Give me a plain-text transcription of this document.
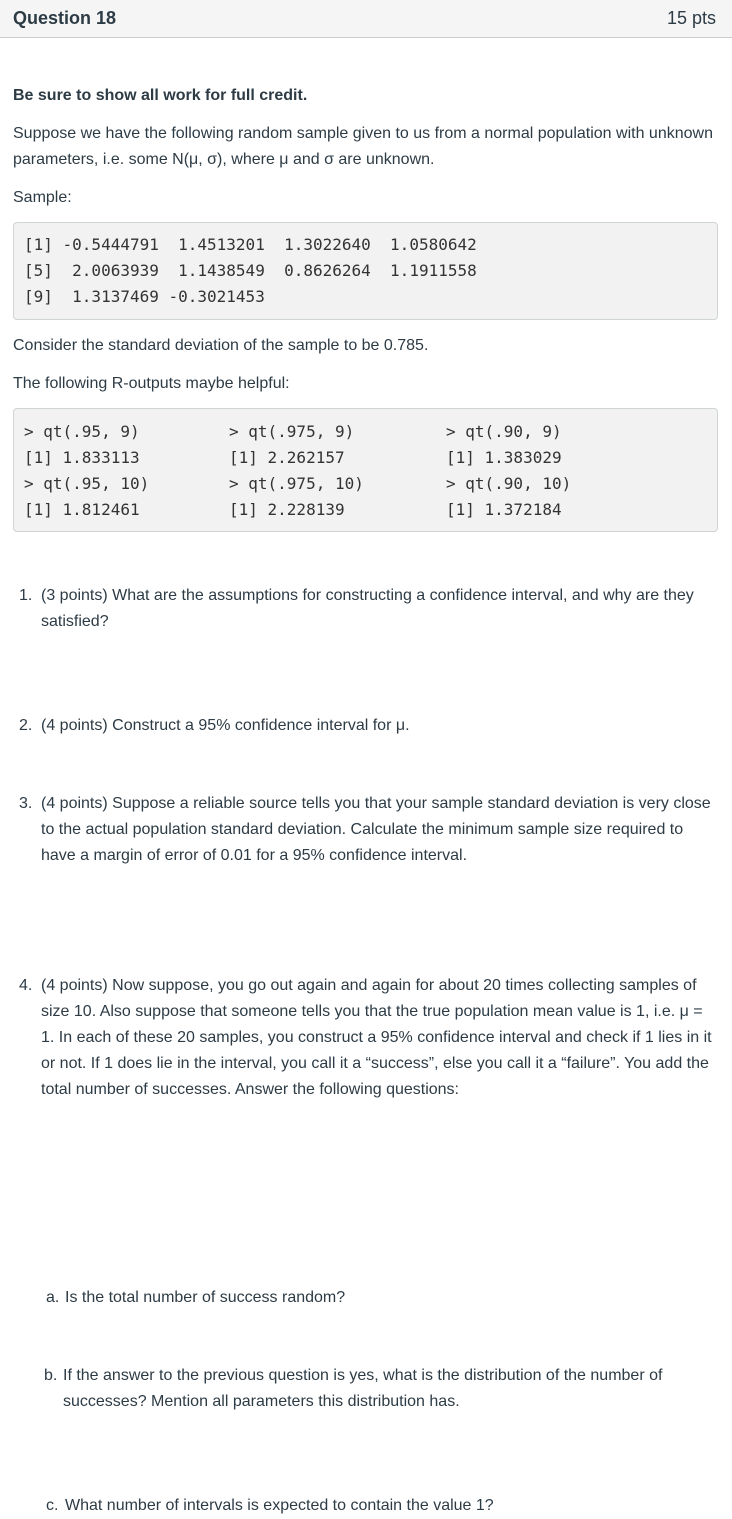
Question 18	15 pts
Be sure to show all work for full credit.
Suppose we have the following random sample given to us from a normal population with unknown parameters, i.e. some N(μ, σ), where μ and σ are unknown.
Sample:
[1] -0.5444791  1.4513201  1.3022640  1.0580642
[5]  2.0063939  1.1438549  0.8626264  1.1911558
[9]  1.3137469 -0.3021453
Consider the standard deviation of the sample to be 0.785.
The following R-outputs maybe helpful:
> qt(.95, 9)
[1] 1.833113
> qt(.95, 10)
[1] 1.812461
> qt(.975, 9)
[1] 2.262157
> qt(.975, 10)
[1] 2.228139
> qt(.90, 9)
[1] 1.383029
> qt(.90, 10)
[1] 1.372184
1. (3 points) What are the assumptions for constructing a confidence interval, and why are they satisfied?
2. (4 points) Construct a 95% confidence interval for μ.
3. (4 points) Suppose a reliable source tells you that your sample standard deviation is very close to the actual population standard deviation. Calculate the minimum sample size required to have a margin of error of 0.01 for a 95% confidence interval.
4. (4 points) Now suppose, you go out again and again for about 20 times collecting samples of size 10. Also suppose that someone tells you that the true population mean value is 1, i.e. μ = 1. In each of these 20 samples, you construct a 95% confidence interval and check if 1 lies in it or not. If 1 does lie in the interval, you call it a “success”, else you call it a “failure”. You add the total number of successes. Answer the following questions:
a. Is the total number of success random?
b. If the answer to the previous question is yes, what is the distribution of the number of successes? Mention all parameters this distribution has.
c. What number of intervals is expected to contain the value 1?
